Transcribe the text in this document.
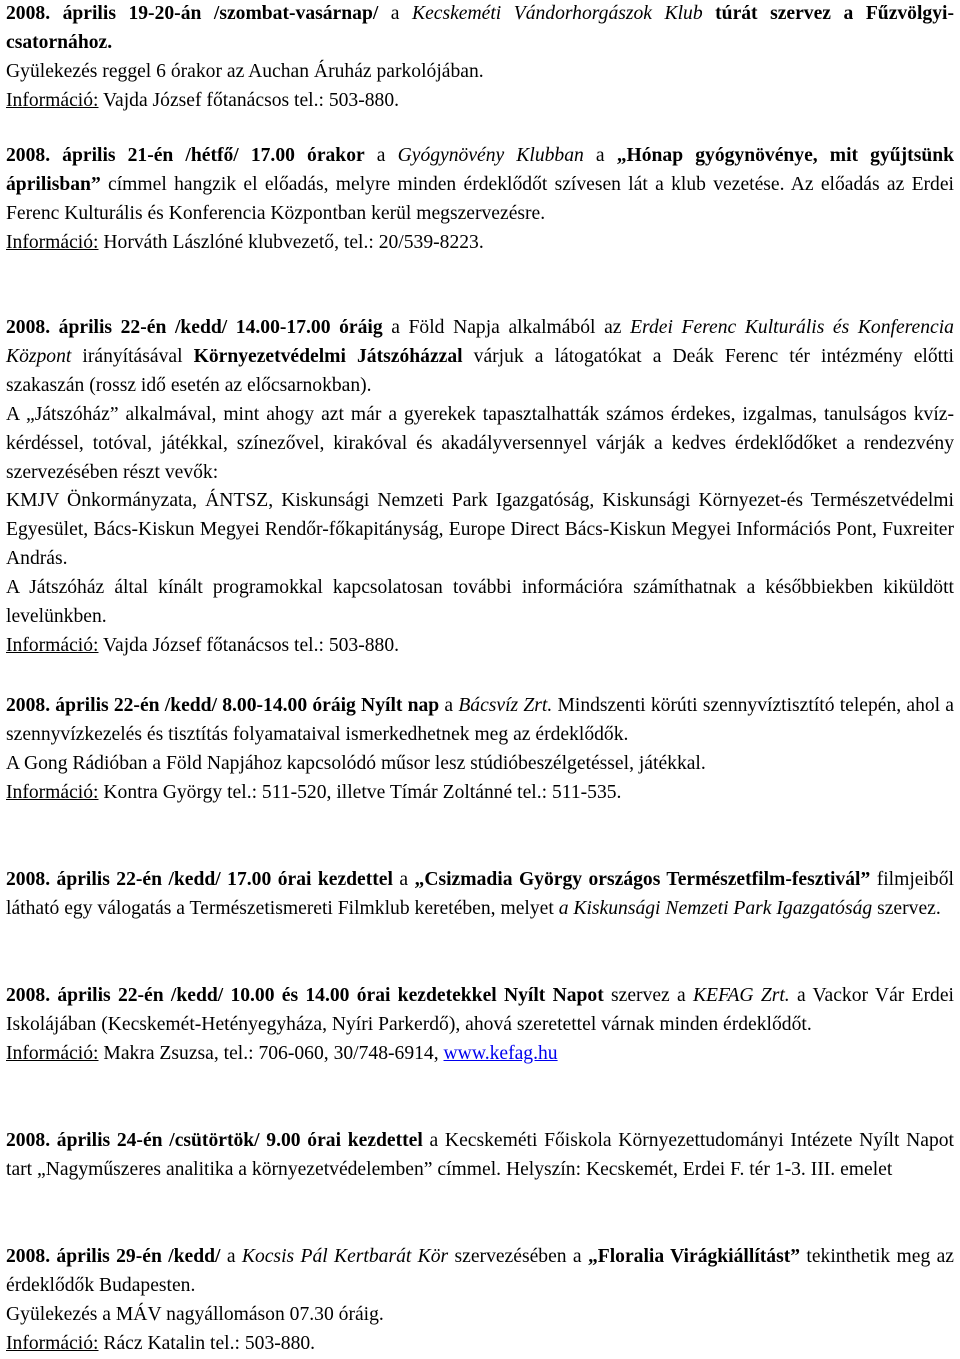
2008. április 19-20-án /szombat-vasárnap/ a Kecskeméti Vándorhorgászok Klub túrát szervez a Fűzvölgyi-csatornához.

Gyülekezés reggel 6 órakor az Auchan Áruház parkolójában.

Információ: Vajda József főtanácsos tel.: 503-880.

2008. április 21-én /hétfő/ 17.00 órakor a Gyógynövény Klubban a „Hónap gyógynövénye, mit gyűjtsünk áprilisban” címmel hangzik el előadás, melyre minden érdeklődőt szívesen lát a klub vezetése. Az előadás az Erdei Ferenc Kulturális és Konferencia Központban kerül megszervezésre.

Információ: Horváth Lászlóné klubvezető, tel.: 20/539-8223.

2008. április 22-én /kedd/ 14.00-17.00 óráig a Föld Napja alkalmából az Erdei Ferenc Kulturális és Konferencia Központ irányításával Környezetvédelmi Játszóházzal várjuk a látogatókat a Deák Ferenc tér intézmény előtti szakaszán (rossz idő esetén az előcsarnokban).

A „Játszóház” alkalmával, mint ahogy azt már a gyerekek tapasztalhatták számos érdekes, izgalmas, tanulságos kvíz-kérdéssel, totóval, játékkal, színezővel, kirakóval és akadályversennyel várják a kedves érdeklődőket a rendezvény szervezésében részt vevők:

KMJV Önkormányzata, ÁNTSZ, Kiskunsági Nemzeti Park Igazgatóság, Kiskunsági Környezet-és Természetvédelmi Egyesület, Bács-Kiskun Megyei Rendőr-főkapitányság, Europe Direct Bács-Kiskun Megyei Információs Pont, Fuxreiter András.

A Játszóház által kínált programokkal kapcsolatosan további információra számíthatnak a későbbiekben kiküldött levelünkben.

Információ: Vajda József főtanácsos tel.: 503-880.

2008. április 22-én /kedd/ 8.00-14.00 óráig Nyílt nap a Bácsvíz Zrt. Mindszenti körúti szennyvíztisztító telepén, ahol a szennyvízkezelés és tisztítás folyamataival ismerkedhetnek meg az érdeklődők.

A Gong Rádióban a Föld Napjához kapcsolódó műsor lesz stúdióbeszélgetéssel, játékkal.

Információ: Kontra György tel.: 511-520, illetve Tímár Zoltánné tel.: 511-535.

2008. április 22-én /kedd/ 17.00 órai kezdettel a „Csizmadia György országos Természetfilm-fesztivál” filmjeiből látható egy válogatás a Természetismereti Filmklub keretében, melyet a Kiskunsági Nemzeti Park Igazgatóság szervez.

2008. április 22-én /kedd/ 10.00 és 14.00 órai kezdetekkel Nyílt Napot szervez a KEFAG Zrt. a Vackor Vár Erdei Iskolájában (Kecskemét-Hetényegyháza, Nyíri Parkerdő), ahová szeretettel várnak minden érdeklődőt.

Információ: Makra Zsuzsa, tel.: 706-060, 30/748-6914, www.kefag.hu

2008. április 24-én /csütörtök/ 9.00 órai kezdettel a Kecskeméti Főiskola Környezettudományi Intézete Nyílt Napot tart „Nagyműszeres analitika a környezetvédelemben” címmel. Helyszín: Kecskemét, Erdei F. tér 1-3. III. emelet

2008. április 29-én /kedd/ a Kocsis Pál Kertbarát Kör szervezésében a „Floralia Virágkiállítást” tekinthetik meg az érdeklődők Budapesten.

Gyülekezés a MÁV nagyállomáson 07.30 óráig.

Információ: Rácz Katalin tel.: 503-880.
